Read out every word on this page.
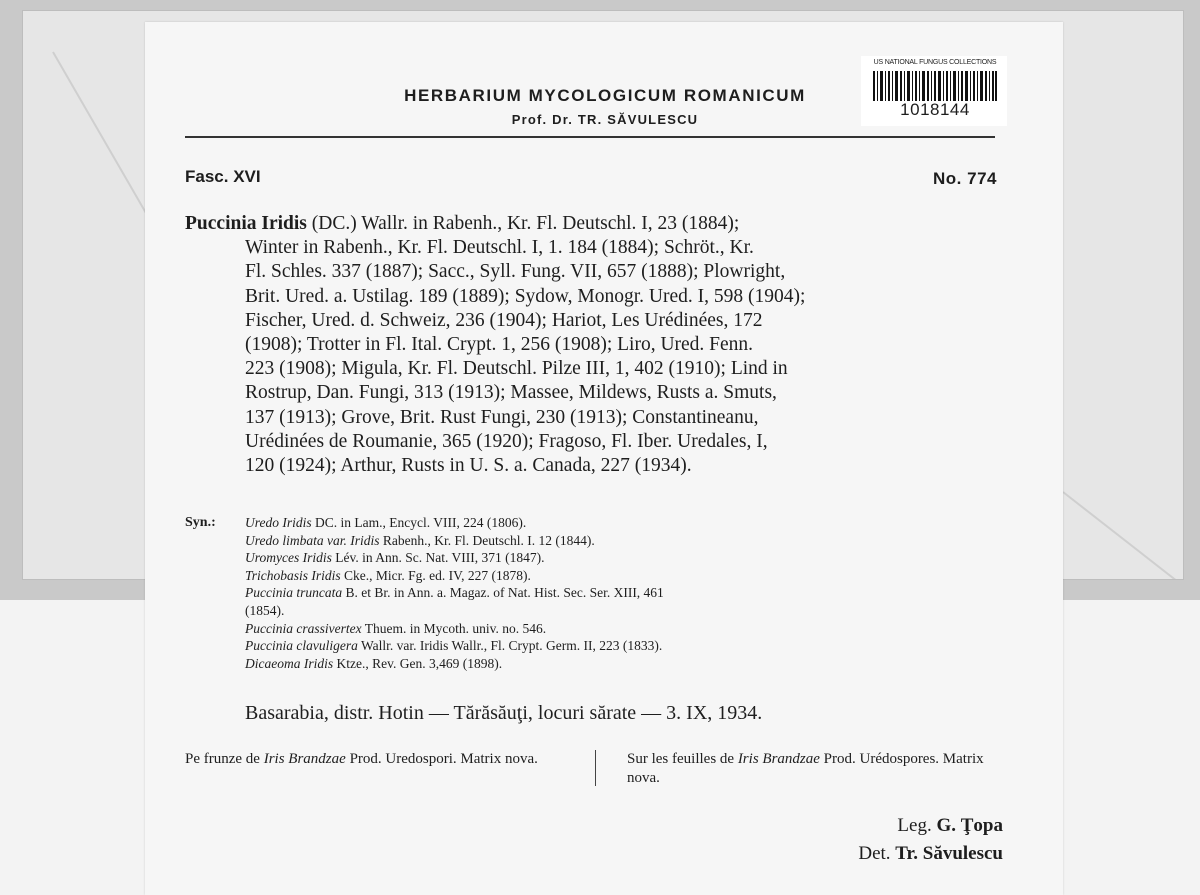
HERBARIUM MYCOLOGICUM ROMANICUM
Prof. Dr. TR. SĂVULESCU
US NATIONAL FUNGUS COLLECTIONS
1018144
Fasc. XVI	No. 774
Puccinia Iridis (DC.) Wallr. in Rabenh., Kr. Fl. Deutschl. I, 23 (1884);
Winter in Rabenh., Kr. Fl. Deutschl. I, 1. 184 (1884); Schröt., Kr.
Fl. Schles. 337 (1887); Sacc., Syll. Fung. VII, 657 (1888); Plowright,
Brit. Ured. a. Ustilag. 189 (1889); Sydow, Monogr. Ured. I, 598 (1904);
Fischer, Ured. d. Schweiz, 236 (1904); Hariot, Les Urédinées, 172
(1908); Trotter in Fl. Ital. Crypt. 1, 256 (1908); Liro, Ured. Fenn.
223 (1908); Migula, Kr. Fl. Deutschl. Pilze III, 1, 402 (1910); Lind in
Rostrup, Dan. Fungi, 313 (1913); Massee, Mildews, Rusts a. Smuts,
137 (1913); Grove, Brit. Rust Fungi, 230 (1913); Constantineanu,
Urédinées de Roumanie, 365 (1920); Fragoso, Fl. Iber. Uredales, I,
120 (1924); Arthur, Rusts in U. S. a. Canada, 227 (1934).
Syn.: Uredo Iridis DC. in Lam., Encycl. VIII, 224 (1806).
Uredo limbata var. Iridis Rabenh., Kr. Fl. Deutschl. I. 12 (1844).
Uromyces Iridis Lév. in Ann. Sc. Nat. VIII, 371 (1847).
Trichobasis Iridis Cke., Micr. Fg. ed. IV, 227 (1878).
Puccinia truncata B. et Br. in Ann. a. Magaz. of Nat. Hist. Sec. Ser. XIII, 461
(1854).
Puccinia crassivertex Thuem. in Mycoth. univ. no. 546.
Puccinia clavuligera Wallr. var. Iridis Wallr., Fl. Crypt. Germ. II, 223 (1833).
Dicaeoma Iridis Ktze., Rev. Gen. 3,469 (1898).
Basarabia, distr. Hotin — Tărăsăuţi, locuri sărate — 3. IX, 1934.
Pe frunze de Iris Brandzae Prod. Uredospori. Matrix nova.	Sur les feuilles de Iris Brandzae Prod. Urédospores. Matrix nova.
Leg. G. Ţopa
Det. Tr. Săvulescu
